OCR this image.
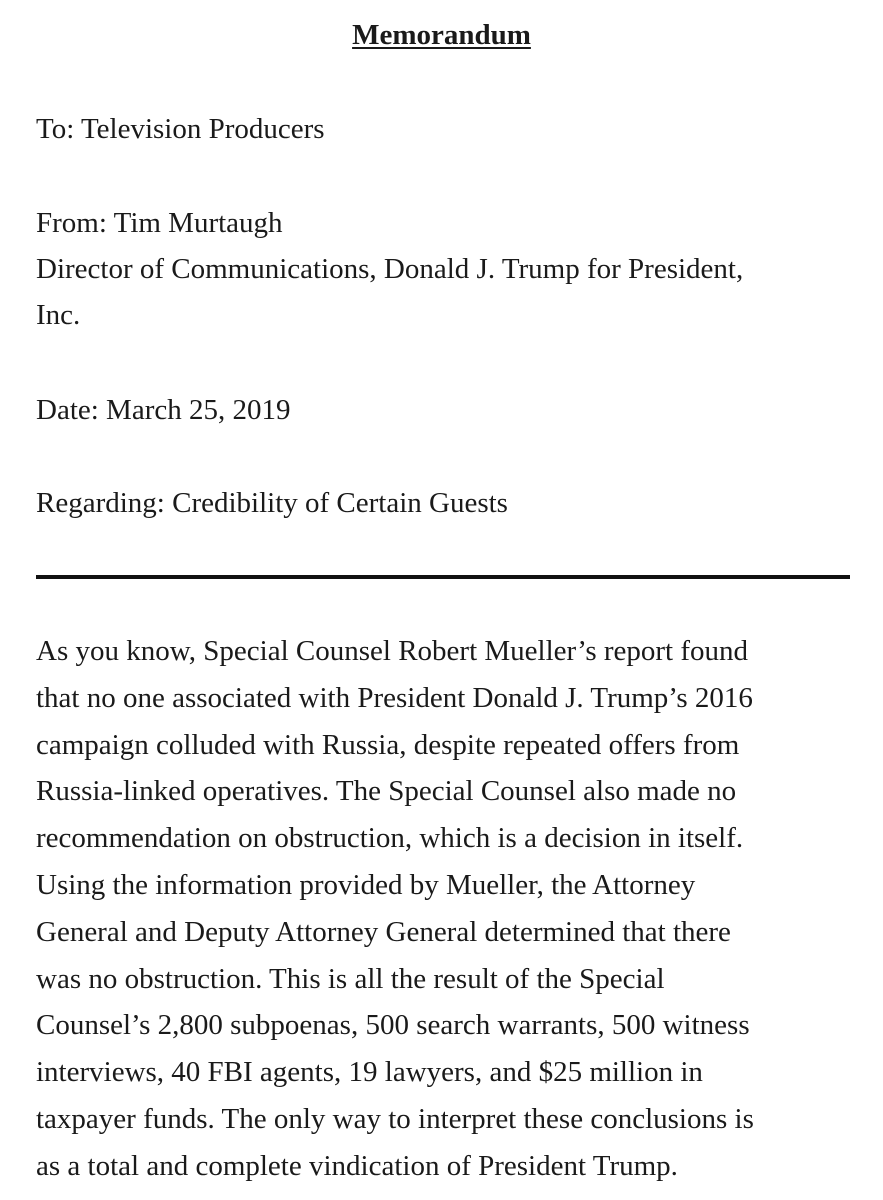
Memorandum
To: Television Producers
From: Tim Murtaugh
Director of Communications, Donald J. Trump for President,
Inc.
Date: March 25, 2019
Regarding: Credibility of Certain Guests
As you know, Special Counsel Robert Mueller’s report found
that no one associated with President Donald J. Trump’s 2016
campaign colluded with Russia, despite repeated offers from
Russia-linked operatives. The Special Counsel also made no
recommendation on obstruction, which is a decision in itself.
Using the information provided by Mueller, the Attorney
General and Deputy Attorney General determined that there
was no obstruction. This is all the result of the Special
Counsel’s 2,800 subpoenas, 500 search warrants, 500 witness
interviews, 40 FBI agents, 19 lawyers, and $25 million in
taxpayer funds. The only way to interpret these conclusions is
as a total and complete vindication of President Trump.
